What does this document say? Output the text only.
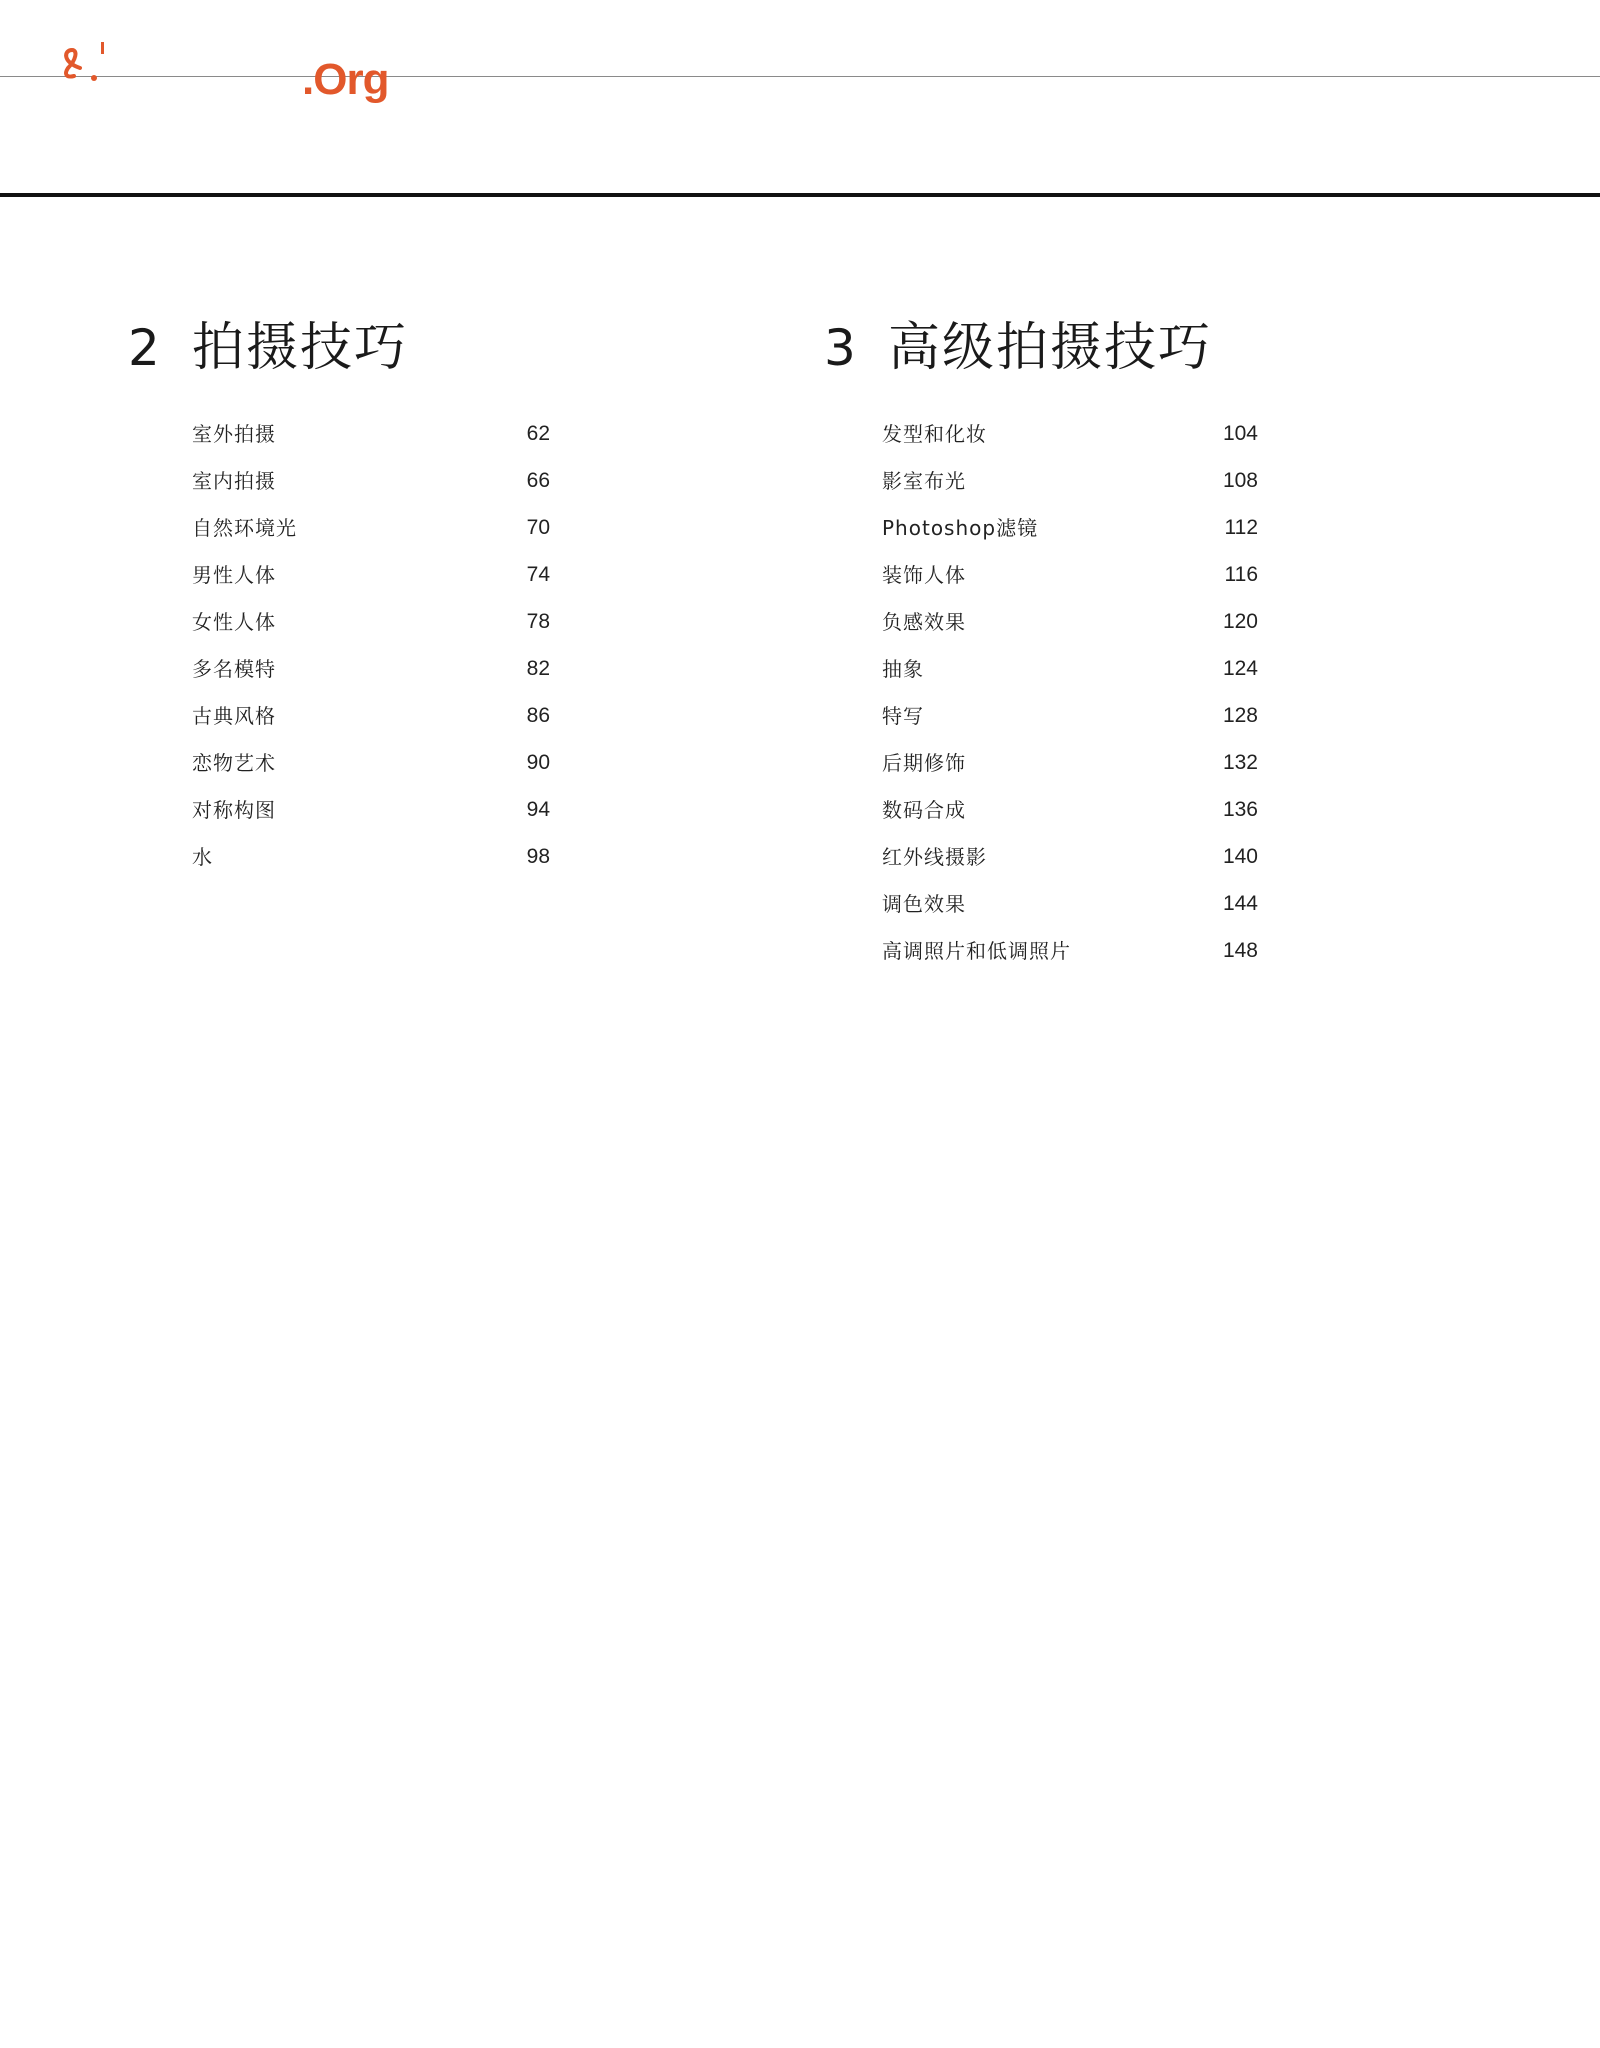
.Org
2 拍摄技巧
室外拍摄	62
室内拍摄	66
自然环境光	70
男性人体	74
女性人体	78
多名模特	82
古典风格	86
恋物艺术	90
对称构图	94
水	98
3 高级拍摄技巧
发型和化妆	104
影室布光	108
Photoshop滤镜	112
装饰人体	116
负感效果	120
抽象	124
特写	128
后期修饰	132
数码合成	136
红外线摄影	140
调色效果	144
高调照片和低调照片	148
